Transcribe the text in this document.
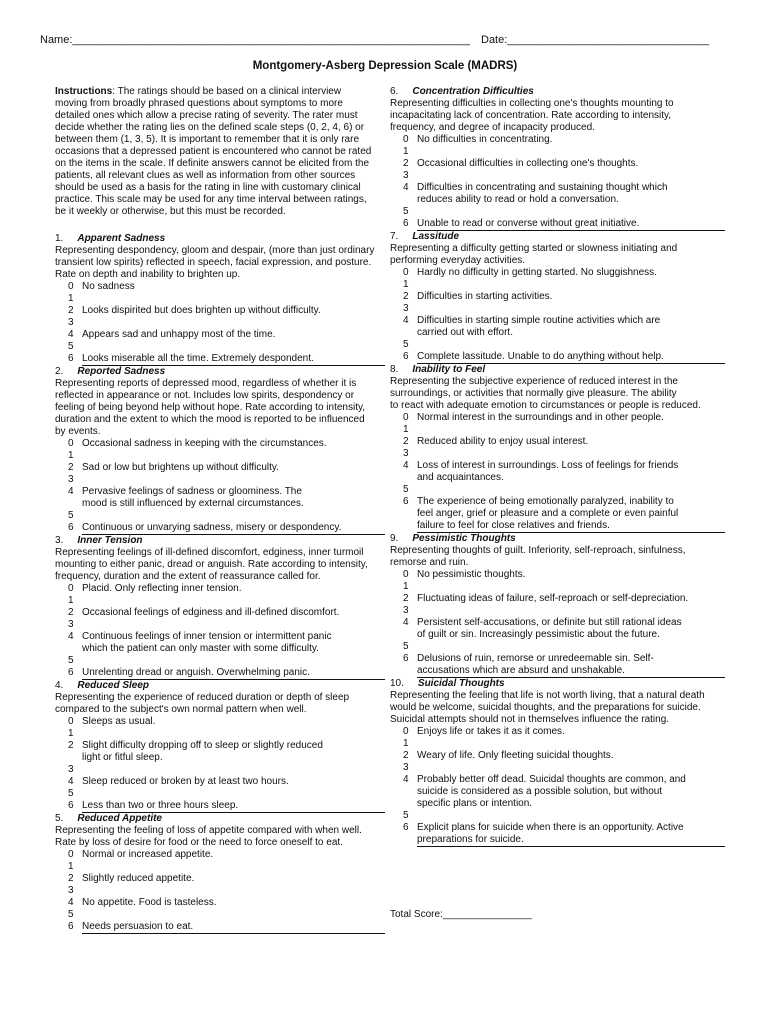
Name:_________________________________________________________________ Date:_________________________________
Montgomery-Asberg Depression Scale (MADRS)
Instructions: The ratings should be based on a clinical interview
moving from broadly phrased questions about symptoms to more
detailed ones which allow a precise rating of severity. The rater must
decide whether the rating lies on the defined scale steps (0, 2, 4, 6) or
between them (1, 3, 5). It is important to remember that it is only rare
occasions that a depressed patient is encountered who cannot be rated
on the items in the scale. If definite answers cannot be elicited from the
patients, all relevant clues as well as information from other sources
should be used as a basis for the rating in line with customary clinical
practice. This scale may be used for any time interval between ratings,
be it weekly or otherwise, but this must be recorded.
1. Apparent Sadness
Representing despondency, gloom and despair, (more than just ordinary
transient low spirits) reflected in speech, facial expression, and posture.
Rate on depth and inability to brighten up.
0 No sadness
1
2 Looks dispirited but does brighten up without difficulty.
3
4 Appears sad and unhappy most of the time.
5
6 Looks miserable all the time. Extremely despondent.
2. Reported Sadness
Representing reports of depressed mood, regardless of whether it is
reflected in appearance or not. Includes low spirits, despondency or
feeling of being beyond help without hope. Rate according to intensity,
duration and the extent to which the mood is reported to be influenced
by events.
0 Occasional sadness in keeping with the circumstances.
1
2 Sad or low but brightens up without difficulty.
3
4 Pervasive feelings of sadness or gloominess. The
mood is still influenced by external circumstances.
5
6 Continuous or unvarying sadness, misery or despondency.
3. Inner Tension
Representing feelings of ill-defined discomfort, edginess, inner turmoil
mounting to either panic, dread or anguish. Rate according to intensity,
frequency, duration and the extent of reassurance called for.
0 Placid. Only reflecting inner tension.
1
2 Occasional feelings of edginess and ill-defined discomfort.
3
4 Continuous feelings of inner tension or intermittent panic
which the patient can only master with some difficulty.
5
6 Unrelenting dread or anguish. Overwhelming panic.
4. Reduced Sleep
Representing the experience of reduced duration or depth of sleep
compared to the subject's own normal pattern when well.
0 Sleeps as usual.
1
2 Slight difficulty dropping off to sleep or slightly reduced
light or fitful sleep.
3
4 Sleep reduced or broken by at least two hours.
5
6 Less than two or three hours sleep.
5. Reduced Appetite
Representing the feeling of loss of appetite compared with when well.
Rate by loss of desire for food or the need to force oneself to eat.
0 Normal or increased appetite.
1
2 Slightly reduced appetite.
3
4 No appetite. Food is tasteless.
5
6 Needs persuasion to eat.
6. Concentration Difficulties
Representing difficulties in collecting one's thoughts mounting to
incapacitating lack of concentration. Rate according to intensity,
frequency, and degree of incapacity produced.
0 No difficulties in concentrating.
1
2 Occasional difficulties in collecting one's thoughts.
3
4 Difficulties in concentrating and sustaining thought which
reduces ability to read or hold a conversation.
5
6 Unable to read or converse without great initiative.
7. Lassitude
Representing a difficulty getting started or slowness initiating and
performing everyday activities.
0 Hardly no difficulty in getting started. No sluggishness.
1
2 Difficulties in starting activities.
3
4 Difficulties in starting simple routine activities which are
carried out with effort.
5
6 Complete lassitude. Unable to do anything without help.
8. Inability to Feel
Representing the subjective experience of reduced interest in the
surroundings, or activities that normally give pleasure. The ability
to react with adequate emotion to circumstances or people is reduced.
0 Normal interest in the surroundings and in other people.
1
2 Reduced ability to enjoy usual interest.
3
4 Loss of interest in surroundings. Loss of feelings for friends
and acquaintances.
5
6 The experience of being emotionally paralyzed, inability to
feel anger, grief or pleasure and a complete or even painful
failure to feel for close relatives and friends.
9. Pessimistic Thoughts
Representing thoughts of guilt. Inferiority, self-reproach, sinfulness,
remorse and ruin.
0 No pessimistic thoughts.
1
2 Fluctuating ideas of failure, self-reproach or self-depreciation.
3
4 Persistent self-accusations, or definite but still rational ideas
of guilt or sin. Increasingly pessimistic about the future.
5
6 Delusions of ruin, remorse or unredeemable sin. Self-
accusations which are absurd and unshakable.
10. Suicidal Thoughts
Representing the feeling that life is not worth living, that a natural death
would be welcome, suicidal thoughts, and the preparations for suicide.
Suicidal attempts should not in themselves influence the rating.
0 Enjoys life or takes it as it comes.
1
2 Weary of life. Only fleeting suicidal thoughts.
3
4 Probably better off dead. Suicidal thoughts are common, and
suicide is considered as a possible solution, but without
specific plans or intention.
5
6 Explicit plans for suicide when there is an opportunity. Active
preparations for suicide.
Total Score:________________
